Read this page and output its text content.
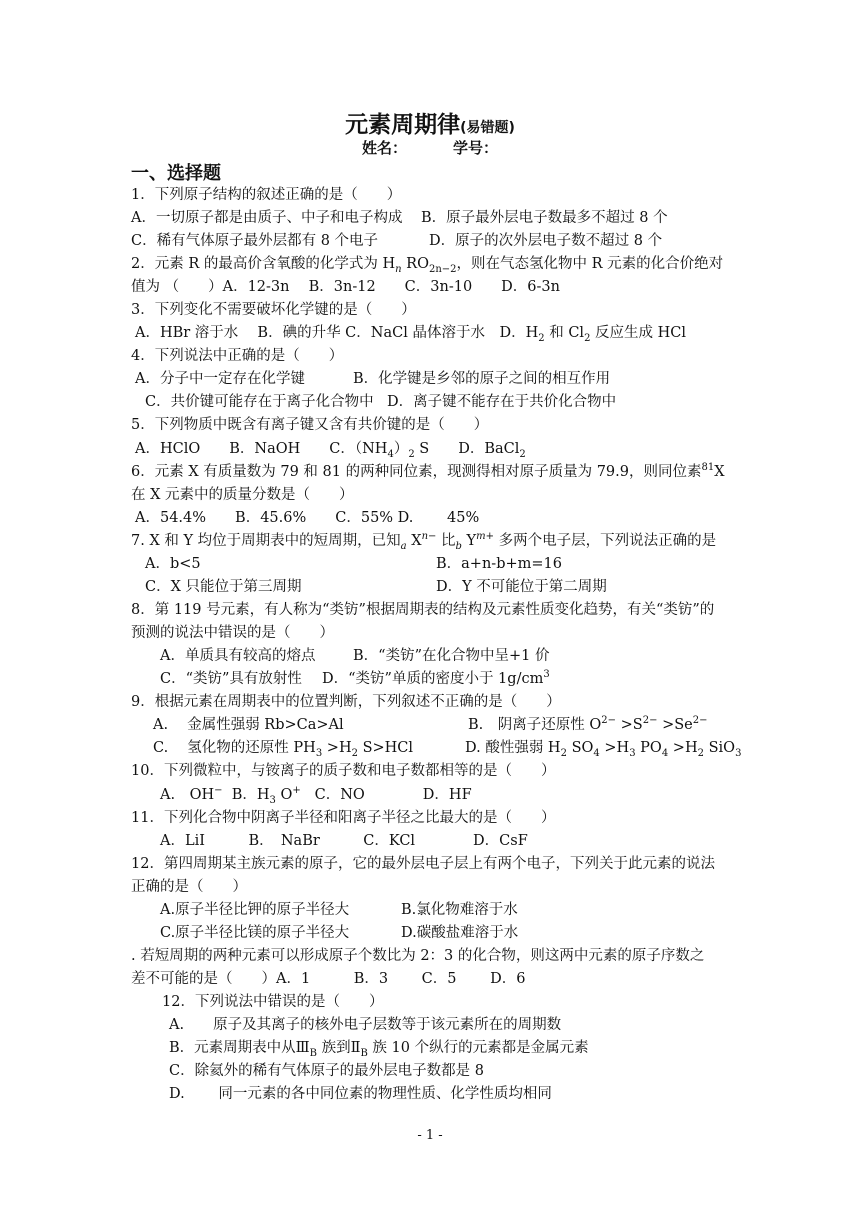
元素周期律(易错题)
姓名：	学号：
一、选择题
1．下列原子结构的叙述正确的是（　　）
A．一切原子都是由质子、中子和电子构成 B．原子最外层电子数最多不超过 8 个
C．稀有气体原子最外层都有 8 个电子	D．原子的次外层电子数不超过 8 个
2．元素 R 的最高价含氧酸的化学式为 $H_n$ $RO_{2n-2}$，则在气态氢化物中 R 元素的化合价绝对
值为 （　　）A．12-3n　 B．3n-12　　C．3n-10　　D．6-3n
3．下列变化不需要破坏化学键的是（　　）
A．HBr 溶于水　 B．碘的升华 C．NaCl 晶体溶于水　D．$H_2$ 和 $Cl_2$ 反应生成 HCl
4．下列说法中正确的是（　　）
A．分子中一定存在化学键	B．化学键是乡邻的原子之间的相互作用
C．共价键可能存在于离子化合物中 D．离子键不能存在于共价化合物中
5．下列物质中既含有离子键又含有共价键的是（　　）
A．HClO　　B．NaOH　　C．$(NH_4)_2$ S　　D．BaCl$_2$
6．元素 X 有质量数为 79 和 81 的两种同位素，现测得相对原子质量为 79.9，则同位素$^{81}$X
在 X 元素中的质量分数是（　　）
A．54.4%　　B．45.6%　　C．55% D.　　 45%
7. X 和 Y 均位于周期表中的短周期，已知$_a$ $X^{n-}$ 比$_b$ $Y^{m+}$ 多两个电子层，下列说法正确的是
A．b<5	B．a+n-b+m=16
C．X 只能位于第三周期	D．Y 不可能位于第二周期
8．第 119 号元素，有人称为“类钫”根据周期表的结构及元素性质变化趋势，有关“类钫”的
预测的说法中错误的是（　　）
A．单质具有较高的熔点	B．“类钫”在化合物中呈+1 价
C．“类钫”具有放射性 D．“类钫”单质的密度小于 $1g/cm^3$
9．根据元素在周期表中的位置判断，下列叙述不正确的是（　　）
A.　 金属性强弱 Rb>Ca>Al	B.　阴离子还原性 $O^{2-} >S^{2-} >Se^{2-}$
C.　 氢化物的还原性 $PH_3 >H_2$ S>HCl	D. 酸性强弱 $H_2$ $SO_4 >H_3$ $PO_4 >H_2$ SiO$_3$
10．下列微粒中，与铵离子的质子数和电子数都相等的是（　　）
A.　OH− B．$H_3$ O+ C．NO　　　　D．HF
11．下列化合物中阴离子半径和阳离子半径之比最大的是（　　）
A．LiI　　　B．　NaBr　　　C．KCl　　　　D．CsF
12．第四周期某主族元素的原子，它的最外层电子层上有两个电子，下列关于此元素的说法
正确的是（　　）
A.原子半径比钾的原子半径大	B.氯化物难溶于水
C.原子半径比镁的原子半径大	D.碳酸盐难溶于水
. 若短周期的两种元素可以形成原子个数比为 2：3 的化合物，则这两中元素的原子序数之
差不可能的是（　　）A．1　　　B．3　　 C．5　　 D．6
12．下列说法中错误的是（　　）
A.　　原子及其离子的核外电子层数等于该元素所在的周期数
B．元素周期表中从$Ⅲ_B$ 族到$Ⅱ_B$ 族 10 个纵行的元素都是金属元素
C．除氦外的稀有气体原子的最外层电子数都是 8
D.　　 同一元素的各中同位素的物理性质、化学性质均相同
- 1 -
